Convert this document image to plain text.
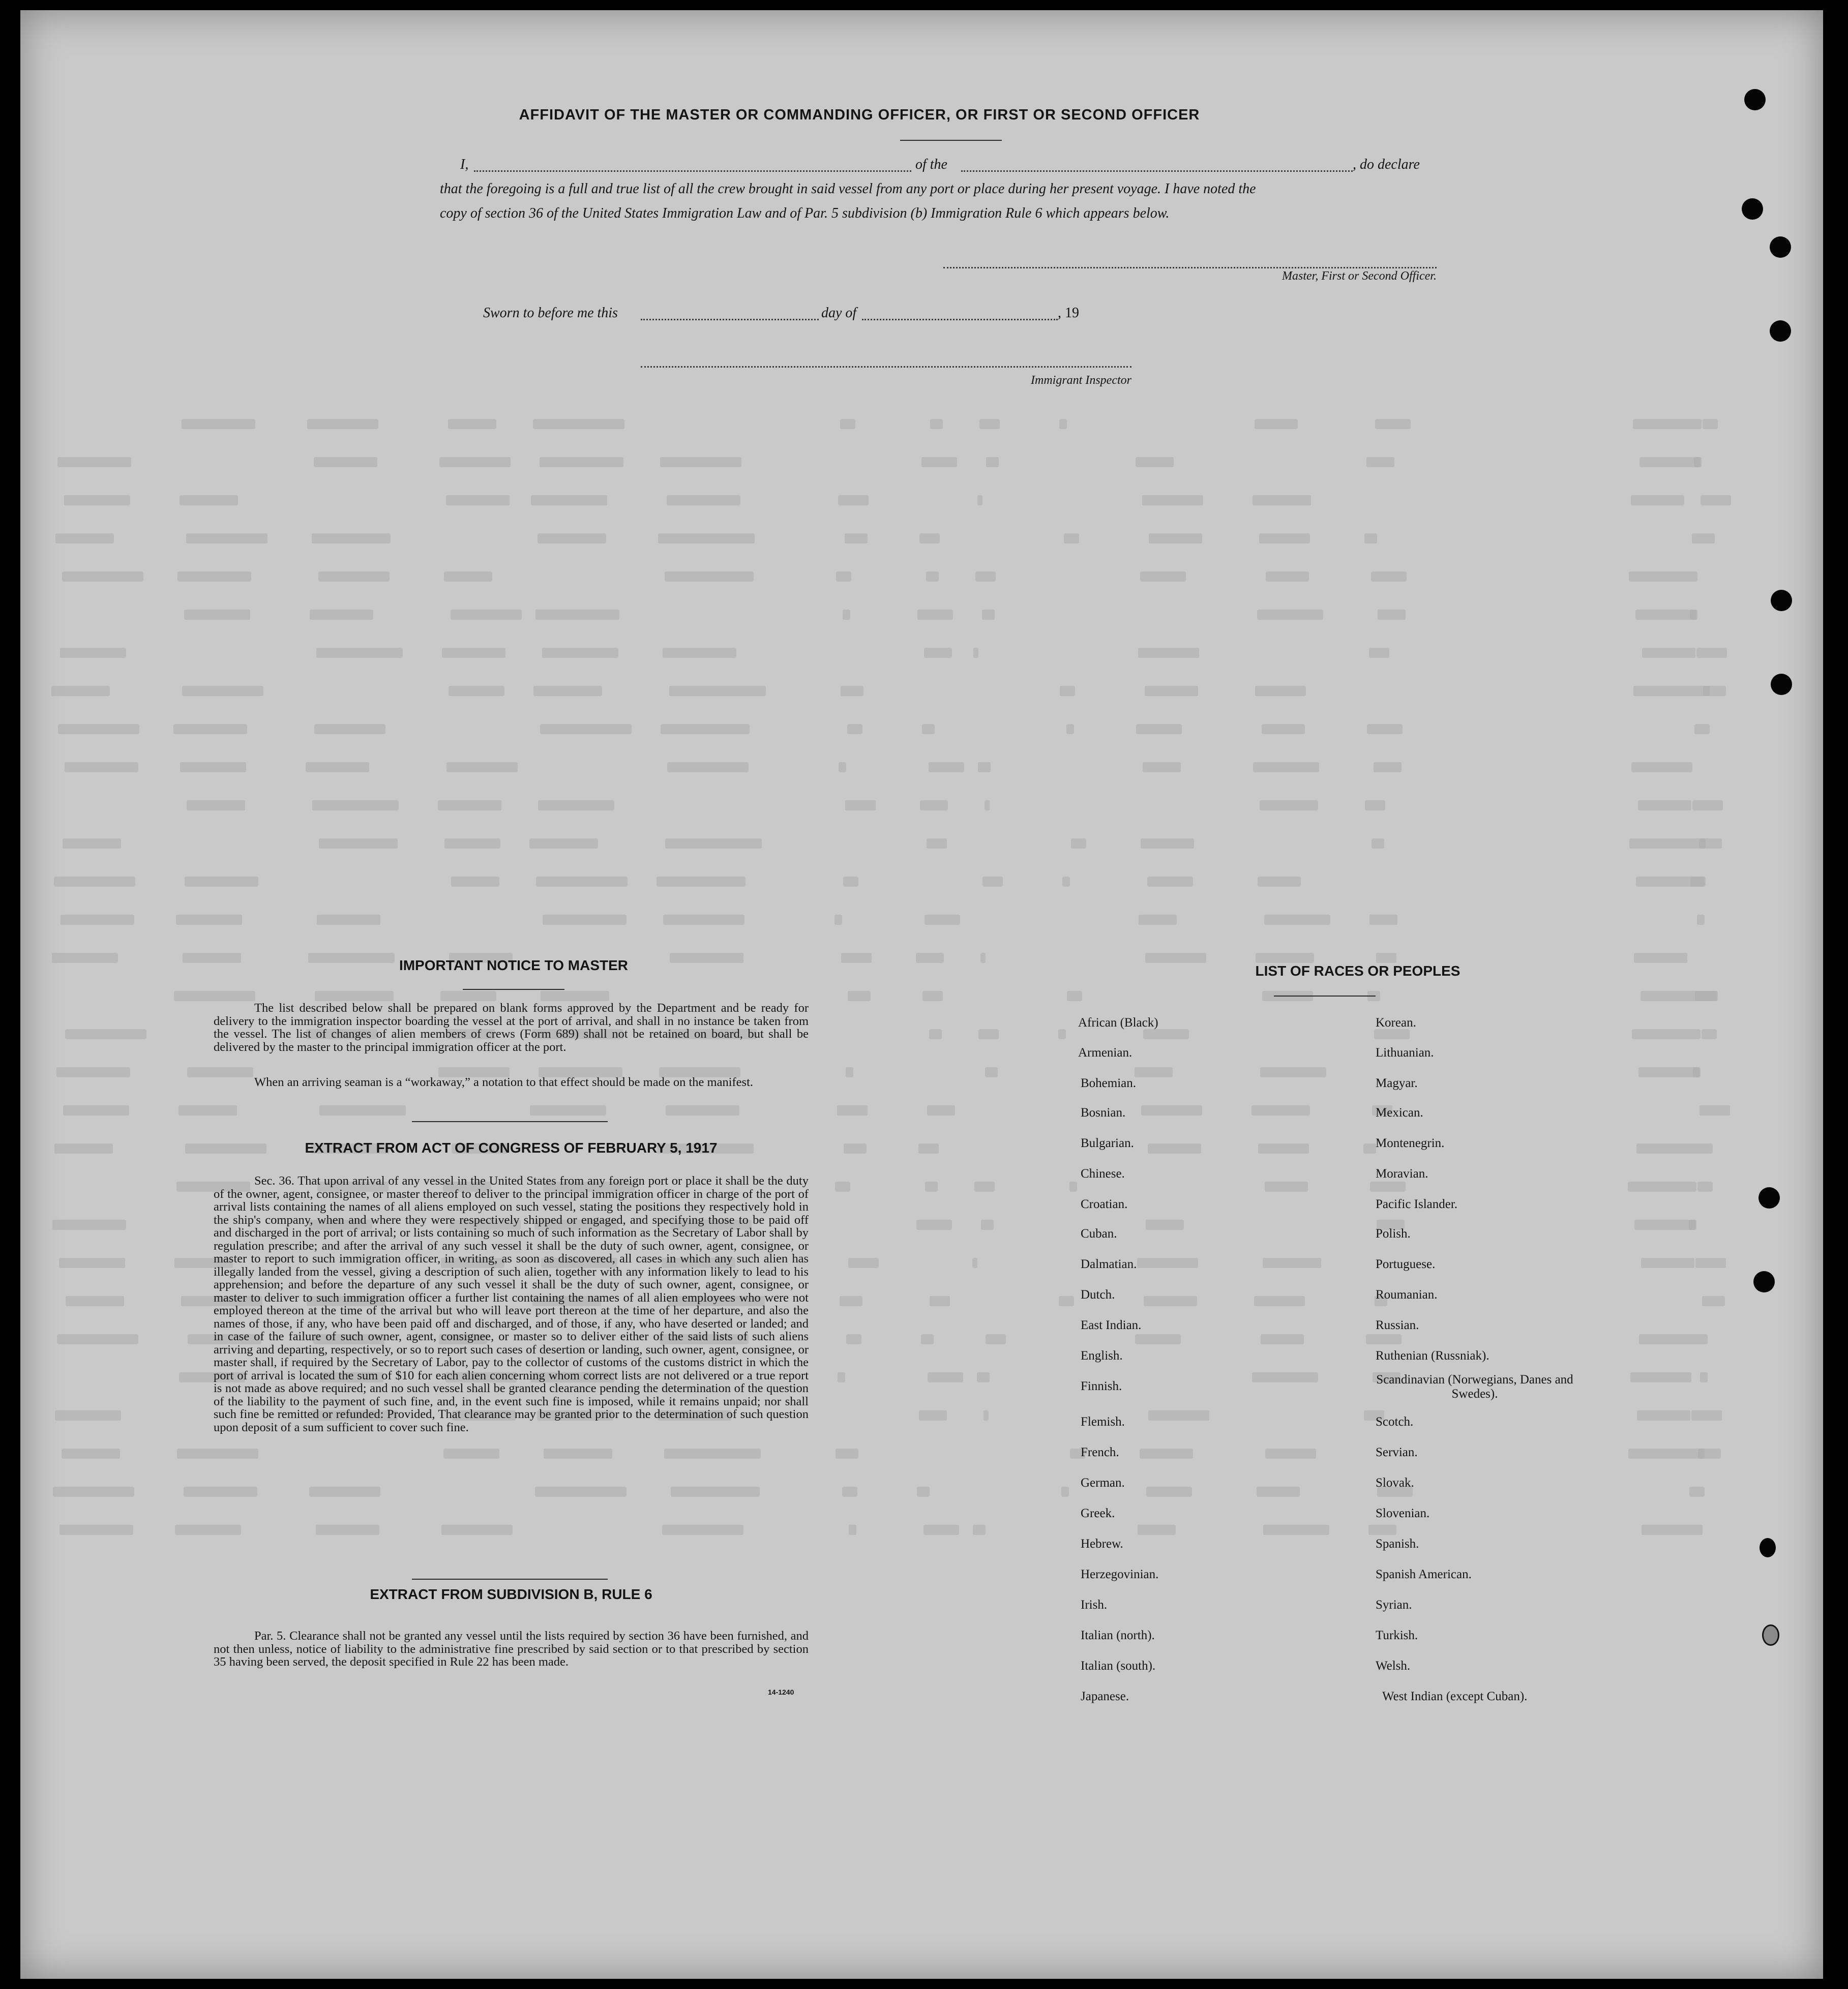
AFFIDAVIT OF THE MASTER OR COMMANDING OFFICER, OR FIRST OR SECOND OFFICER
I,	of the	, do declare
that the foregoing is a full and true list of all the crew brought in said vessel from any port or place during her present voyage. I have noted the
copy of section 36 of the United States Immigration Law and of Par. 5 subdivision (b) Immigration Rule 6 which appears below.
Master, First or Second Officer.
Sworn to before me this	day of	, 19
Immigrant Inspector
IMPORTANT NOTICE TO MASTER
The list described below shall be prepared on blank forms approved by the Department and be ready for delivery to the immigration inspector boarding the vessel at the port of arrival, and shall in no instance be taken from the vessel. The list of changes of alien members of crews (Form 689) shall not be retained on board, but shall be delivered by the master to the principal immigration officer at the port.
When an arriving seaman is a “workaway,” a notation to that effect should be made on the manifest.
EXTRACT FROM ACT OF CONGRESS OF FEBRUARY 5, 1917
Sec. 36. That upon arrival of any vessel in the United States from any foreign port or place it shall be the duty of the owner, agent, consignee, or master thereof to deliver to the principal immigration officer in charge of the port of arrival lists containing the names of all aliens employed on such vessel, stating the positions they respectively hold in the ship's company, when and where they were respectively shipped or engaged, and specifying those to be paid off and discharged in the port of arrival; or lists containing so much of such information as the Secretary of Labor shall by regulation prescribe; and after the arrival of any such vessel it shall be the duty of such owner, agent, consignee, or master to report to such immigration officer, in writing, as soon as discovered, all cases in which any such alien has illegally landed from the vessel, giving a description of such alien, together with any information likely to lead to his apprehension; and before the departure of any such vessel it shall be the duty of such owner, agent, consignee, or master to deliver to such immigration officer a further list containing the names of all alien employees who were not employed thereon at the time of the arrival but who will leave port thereon at the time of her departure, and also the names of those, if any, who have been paid off and discharged, and of those, if any, who have deserted or landed; and in case of the failure of such owner, agent, consignee, or master so to deliver either of the said lists of such aliens arriving and departing, respectively, or so to report such cases of desertion or landing, such owner, agent, consignee, or master shall, if required by the Secretary of Labor, pay to the collector of customs of the customs district in which the port of arrival is located the sum of $10 for each alien concerning whom correct lists are not delivered or a true report is not made as above required; and no such vessel shall be granted clearance pending the determination of the question of the liability to the payment of such fine, and, in the event such fine is imposed, while it remains unpaid; nor shall such fine be remitted or refunded: Provided, That clearance may be granted prior to the determination of such question upon deposit of a sum sufficient to cover such fine.
EXTRACT FROM SUBDIVISION B, RULE 6
Par. 5. Clearance shall not be granted any vessel until the lists required by section 36 have been furnished, and not then unless, notice of liability to the administrative fine prescribed by said section or to that prescribed by section 35 having been served, the deposit specified in Rule 22 has been made.
14-1240
LIST OF RACES OR PEOPLES
African (Black)
Armenian.
Bohemian.
Bosnian.
Bulgarian.
Chinese.
Croatian.
Cuban.
Dalmatian.
Dutch.
East Indian.
English.
Finnish.
Flemish.
French.
German.
Greek.
Hebrew.
Herzegovinian.
Irish.
Italian (north).
Italian (south).
Japanese.
Korean.
Lithuanian.
Magyar.
Mexican.
Montenegrin.
Moravian.
Pacific Islander.
Polish.
Portuguese.
Roumanian.
Russian.
Ruthenian (Russniak).
Scandinavian (Norwegians, Danes and Swedes).
Scotch.
Servian.
Slovak.
Slovenian.
Spanish.
Spanish American.
Syrian.
Turkish.
Welsh.
West Indian (except Cuban).
